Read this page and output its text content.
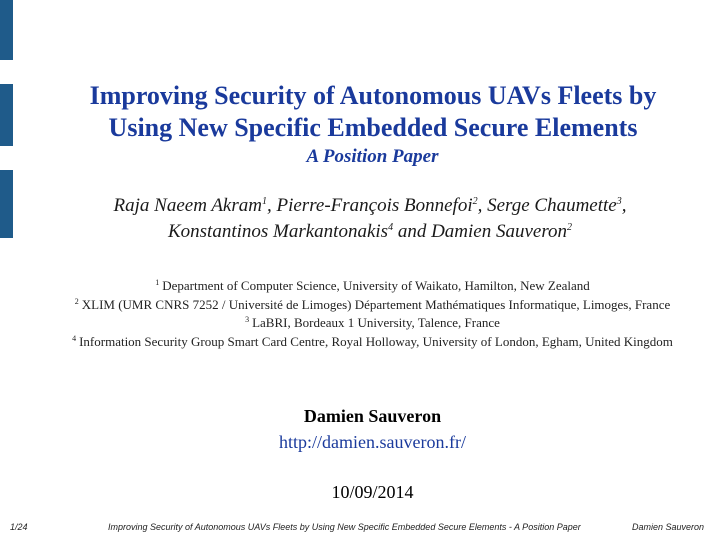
Improving Security of Autonomous UAVs Fleets by
Using New Specific Embedded Secure Elements
A Position Paper
Raja Naeem Akram$^1$, Pierre-François Bonnefoi$^2$, Serge Chaumette$^3$,
Konstantinos Markantonakis$^4$ and Damien Sauveron$^2$
$^1$ Department of Computer Science, University of Waikato, Hamilton, New Zealand
$^2$ XLIM (UMR CNRS 7252 / Université de Limoges) Département Mathématiques Informatique, Limoges, France
$^3$ LaBRI, Bordeaux 1 University, Talence, France
$^4$ Information Security Group Smart Card Centre, Royal Holloway, University of London, Egham, United Kingdom
Damien Sauveron
http://damien.sauveron.fr/
10/09/2014
1/24	Improving Security of Autonomous UAVs Fleets by Using New Specific Embedded Secure Elements - A Position Paper	Damien Sauveron
